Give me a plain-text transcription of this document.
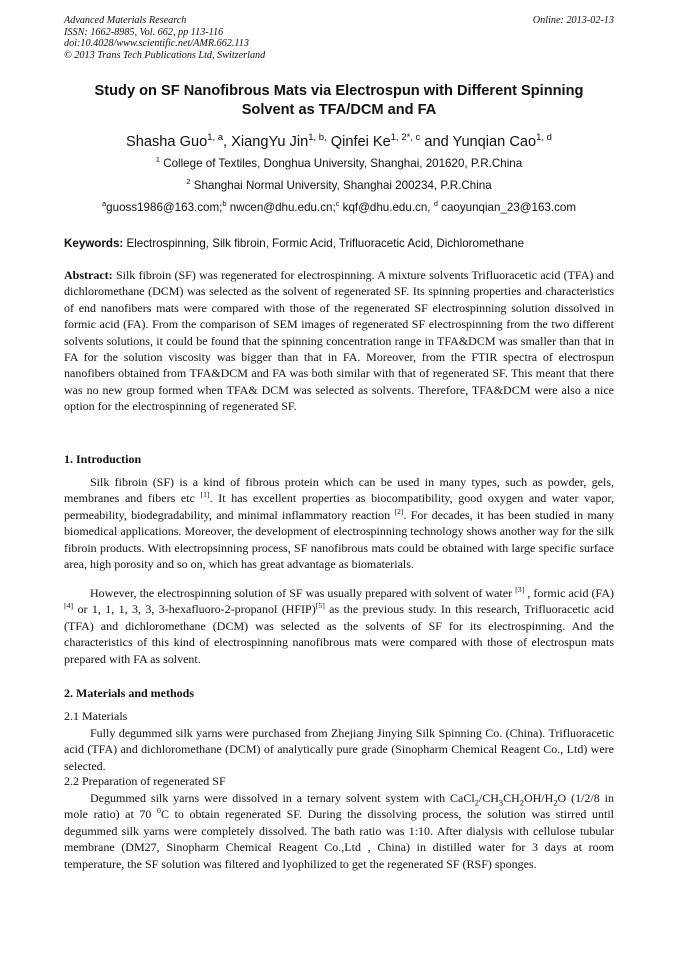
Advanced Materials Research
ISSN: 1662-8985, Vol. 662, pp 113-116
doi:10.4028/www.scientific.net/AMR.662.113
© 2013 Trans Tech Publications Ltd, Switzerland
Online: 2013-02-13
Study on SF Nanofibrous Mats via Electrospun with Different Spinning
Solvent as TFA/DCM and FA
Shasha Guo$^{1, a}$, XiangYu Jin$^{1, b,}$ Qinfei $Ke^{1, 2*, c}$ and Yunqian Cao$^{1, d}$
$^1$ College of Textiles, Donghua University, Shanghai, 201620, P.R.China
$^2$ Shanghai Normal University, Shanghai 200234, P.R.China
$^a$guoss1986@163.com;$^b$ nwcen@dhu.edu.cn;$^c$ kqf@dhu.edu.cn, $^d$ caoyunqian_23@163.com
Keywords: Electrospinning, Silk fibroin, Formic Acid, Trifluoracetic Acid, Dichloromethane
Abstract: Silk fibroin (SF) was regenerated for electrospinning. A mixture solvents Trifluoracetic acid (TFA) and dichloromethane (DCM) was selected as the solvent of regenerated SF. Its spinning properties and characteristics of end nanofibers mats were compared with those of the regenerated SF electrospinning solution dissolved in formic acid (FA). From the comparison of SEM images of regenerated SF electrospinning from the two different solvents solutions, it could be found that the spinning concentration range in TFA&DCM was smaller than that in FA for the solution viscosity was bigger than that in FA. Moreover, from the FTIR spectra of electrospun nanofibers obtained from TFA&DCM and FA was both similar with that of regenerated SF. This meant that there was no new group formed when TFA& DCM was selected as solvents. Therefore, TFA&DCM were also a nice option for the electrospinning of regenerated SF.
1. Introduction
Silk fibroin (SF) is a kind of fibrous protein which can be used in many types, such as powder, gels, membranes and fibers etc [1]. It has excellent properties as biocompatibility, good oxygen and water vapor, permeability, biodegradability, and minimal inflammatory reaction [2]. For decades, it has been studied in many biomedical applications. Moreover, the development of electrospinning technology shows another way for the silk fibroin products. With electropsinning process, SF nanofibrous mats could be obtained with large specific surface area, high porosity and so on, which has great advantage as biomaterials.
However, the electrospinning solution of SF was usually prepared with solvent of water [3] , formic acid (FA)[4] or 1, 1, 1, 3, 3, 3-hexafluoro-2-propanol (HFIP)[5] as the previous study. In this research, Trifluoracetic acid (TFA) and dichloromethane (DCM) was selected as the solvents of SF for its electrospinning. And the characteristics of this kind of electrospinning nanofibrous mats were compared with those of electrospun mats prepared with FA as solvent.
2. Materials and methods
2.1 Materials
Fully degummed silk yarns were purchased from Zhejiang Jinying Silk Spinning Co. (China). Trifluoracetic acid (TFA) and dichloromethane (DCM) of analytically pure grade (Sinopharm Chemical Reagent Co., Ltd) were selected.
2.2 Preparation of regenerated SF
Degummed silk yarns were dissolved in a ternary solvent system with $CaCl_2/CH_3CH_2OH/H_2O$ (1/2/8 in mole ratio) at 70 $^0$C to obtain regenerated SF. During the dissolving process, the solution was stirred until degummed silk yarns were completely dissolved. The bath ratio was 1:10. After dialysis with cellulose tubular membrane (DM27, Sinopharm Chemical Reagent Co.,Ltd , China) in distilled water for 3 days at room temperature, the SF solution was filtered and lyophilized to get the regenerated SF (RSF) sponges.
